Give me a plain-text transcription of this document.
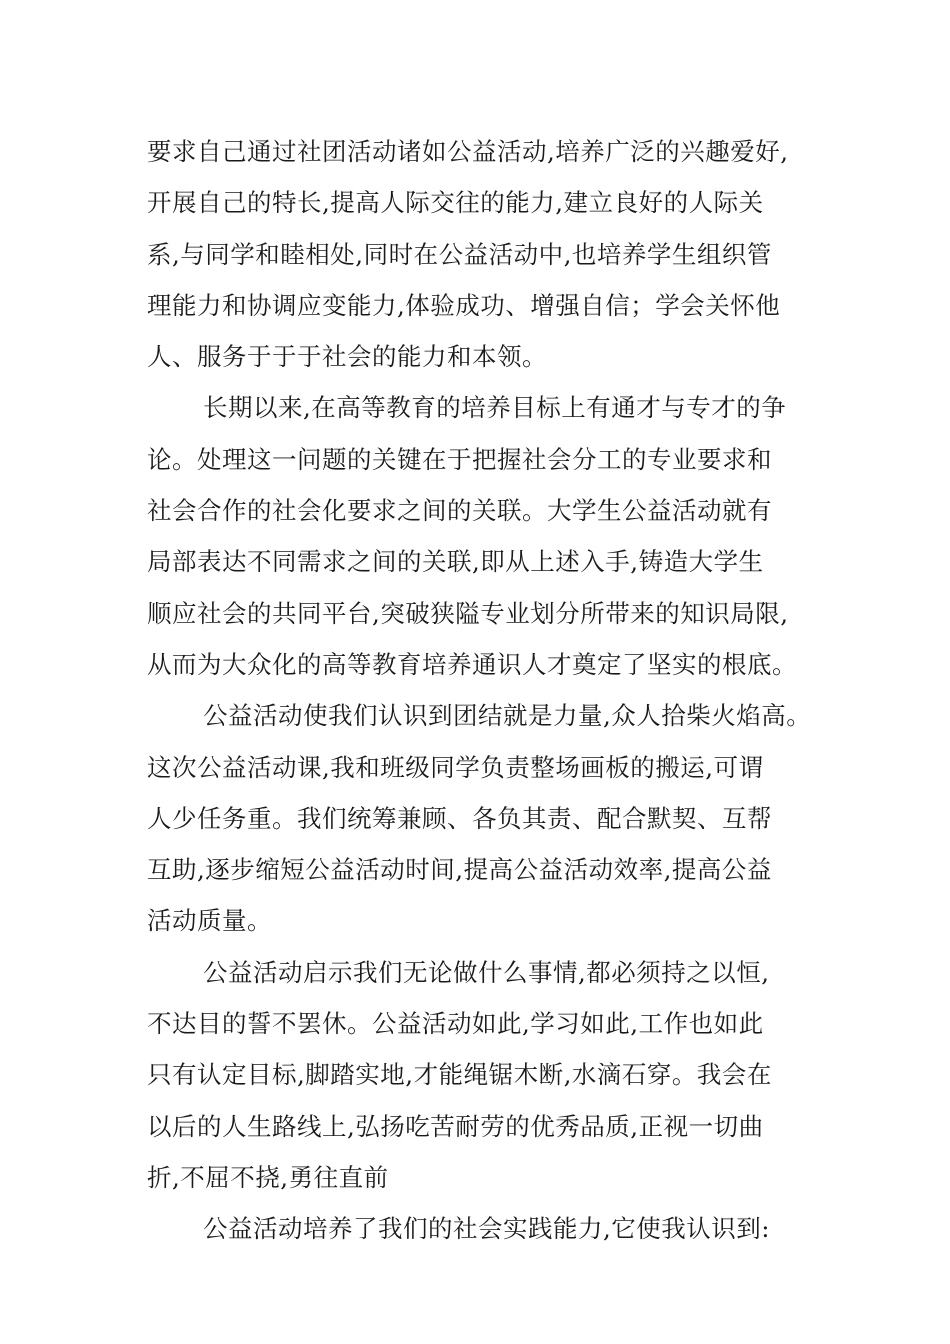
要求自己通过社团活动诸如公益活动,培养广泛的兴趣爱好,
开展自己的特长,提高人际交往的能力,建立良好的人际关
系,与同学和睦相处,同时在公益活动中,也培养学生组织管
理能力和协调应变能力,体验成功、增强自信；学会关怀他
人、服务于于于社会的能力和本领。
长期以来,在高等教育的培养目标上有通才与专才的争
论。处理这一问题的关键在于把握社会分工的专业要求和
社会合作的社会化要求之间的关联。大学生公益活动就有
局部表达不同需求之间的关联,即从上述入手,铸造大学生
顺应社会的共同平台,突破狭隘专业划分所带来的知识局限,
从而为大众化的高等教育培养通识人才奠定了坚实的根底。
公益活动使我们认识到团结就是力量,众人拾柴火焰高。
这次公益活动课,我和班级同学负责整场画板的搬运,可谓
人少任务重。我们统筹兼顾、各负其责、配合默契、互帮
互助,逐步缩短公益活动时间,提高公益活动效率,提高公益
活动质量。
公益活动启示我们无论做什么事情,都必须持之以恒,
不达目的誓不罢休。公益活动如此,学习如此,工作也如此
只有认定目标,脚踏实地,才能绳锯木断,水滴石穿。我会在
以后的人生路线上,弘扬吃苦耐劳的优秀品质,正视一切曲
折,不屈不挠,勇往直前
公益活动培养了我们的社会实践能力,它使我认识到:
